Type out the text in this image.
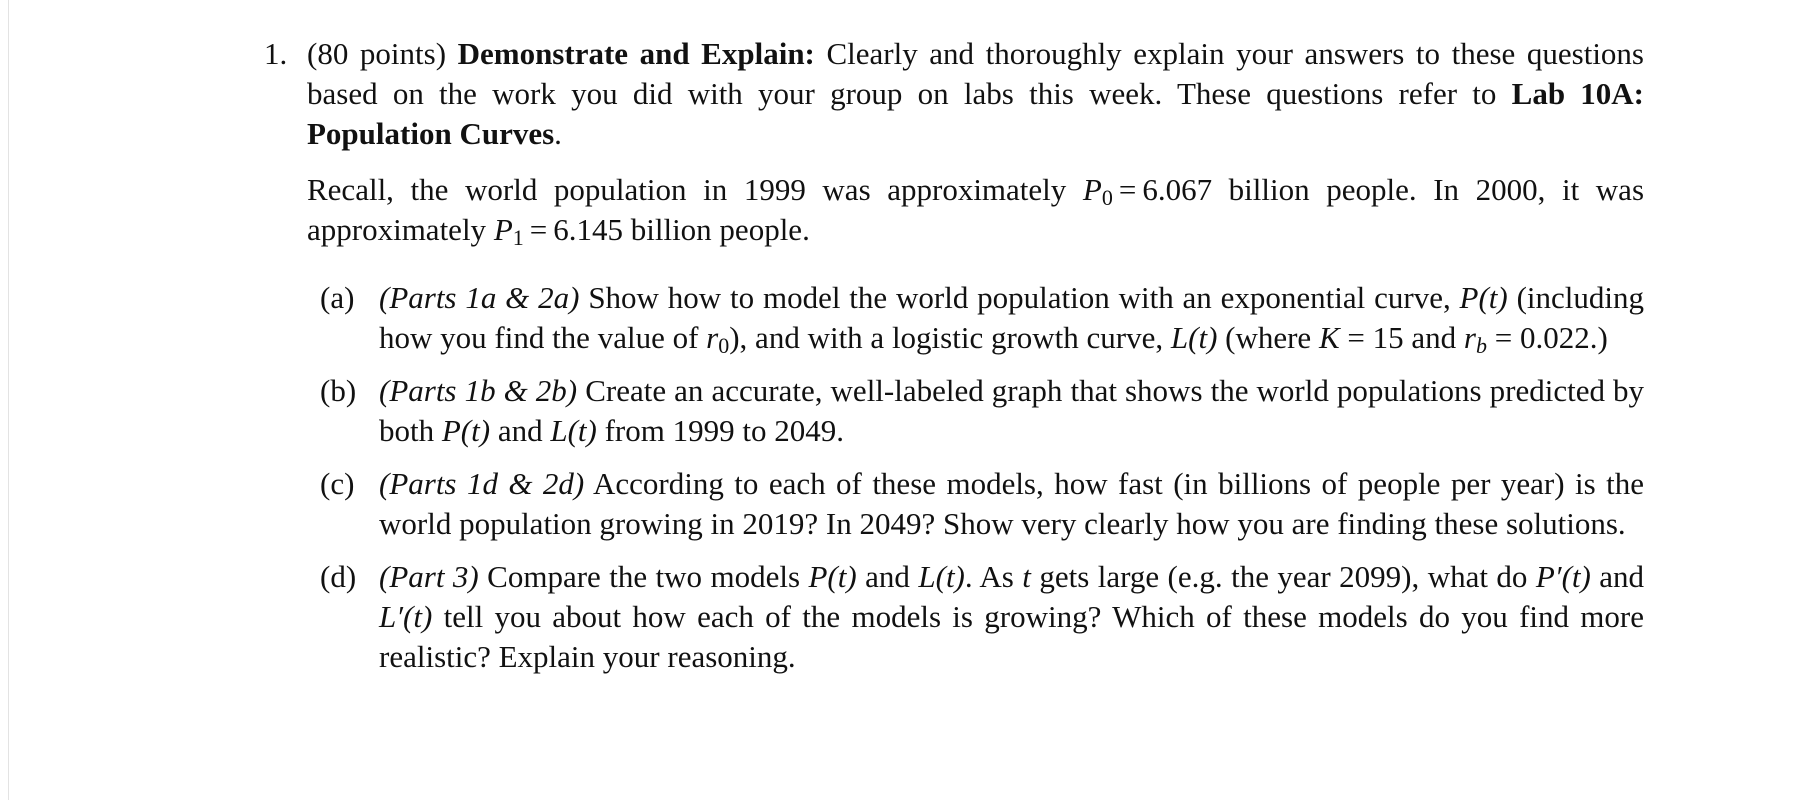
1. (80 points) Demonstrate and Explain: Clearly and thoroughly explain your answers to these questions based on the work you did with your group on labs this week. These questions refer to Lab 10A: Population Curves.

Recall, the world population in 1999 was approximately $P_0 = 6.067$ billion people. In 2000, it was approximately $P_1 = 6.145$ billion people.

(a) (Parts 1a & 2a) Show how to model the world population with an exponential curve, P(t) (including how you find the value of $r_0$), and with a logistic growth curve, L(t) (where K = 15 and $r_b = 0.022$.)

(b) (Parts 1b & 2b) Create an accurate, well-labeled graph that shows the world populations predicted by both P(t) and L(t) from 1999 to 2049.

(c) (Parts 1d & 2d) According to each of these models, how fast (in billions of people per year) is the world population growing in 2019? In 2049? Show very clearly how you are finding these solutions.

(d) (Part 3) Compare the two models P(t) and L(t). As t gets large (e.g. the year 2099), what do P′(t) and L′(t) tell you about how each of the models is growing? Which of these models do you find more realistic? Explain your reasoning.
